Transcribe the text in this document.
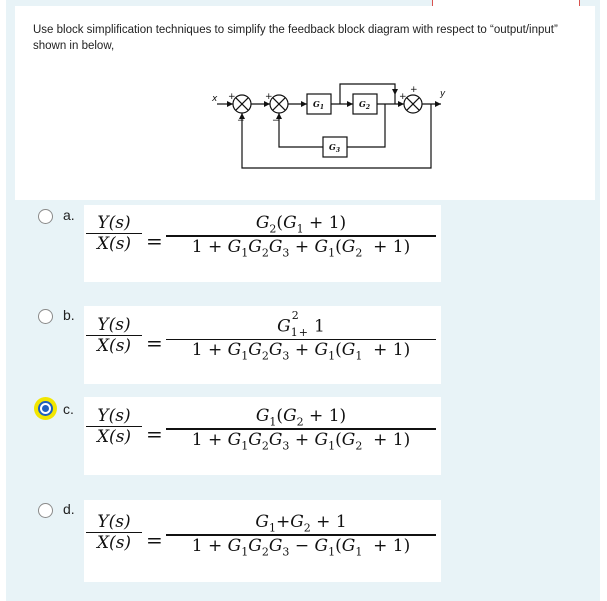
Use block simplification techniques to simplify the feedback block diagram with respect to “output/input” shown in below,
$G_1$	$G_2$
$G_3$
x	y
+	+	+
+
−	−
a.	Y(s)
X(s) =
$G_2(G_1 + 1)$
$1 + G_1G_2G_3 + G_1(G_2 + 1)$
b.	Y(s)
X(s) =
$G_1^2_+$ 1
$1 + G_1G_2G_3 + G_1(G_1 + 1)$
c.	Y(s)
X(s) =
$G_1(G_2 + 1)$
$1 + G_1G_2G_3 + G_1(G_2 + 1)$
d.
Y(s)
X(s) =
$G_1+G_2 + 1$
$1 + G_1G_2G_3 - G_1(G_1 + 1)$
